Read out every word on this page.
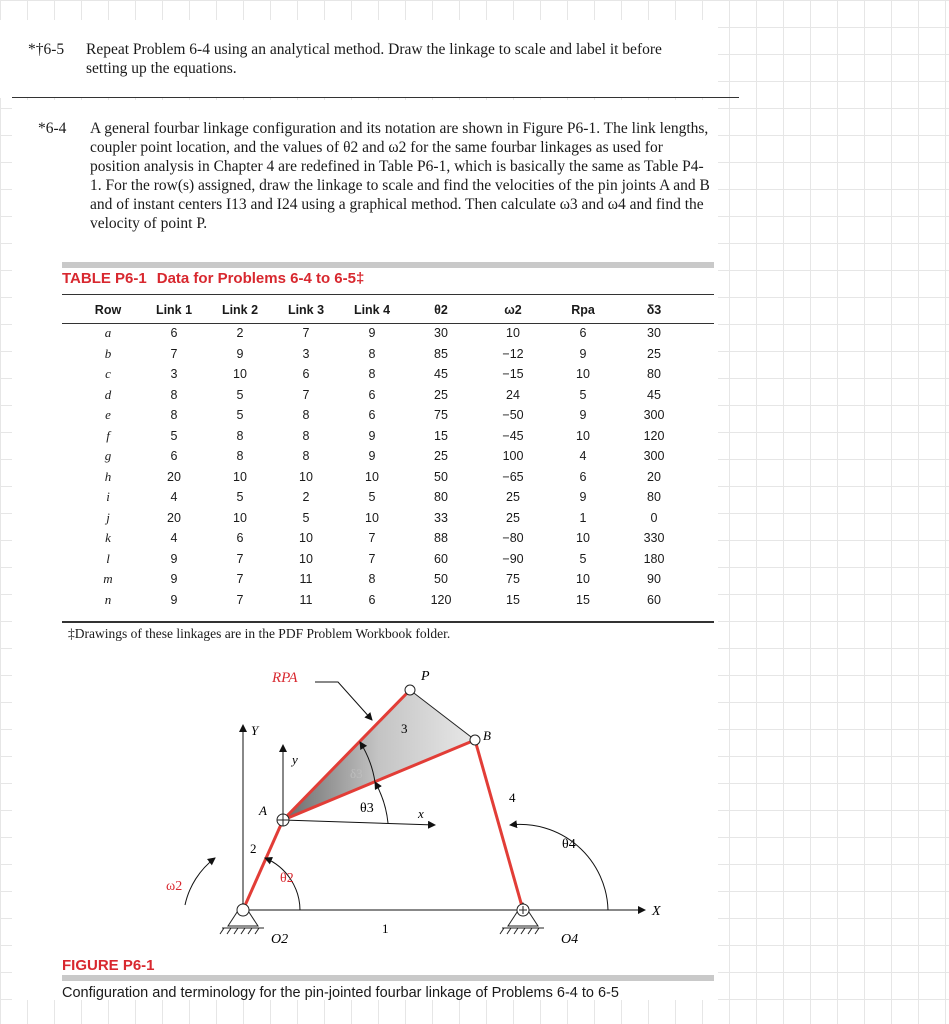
*†6-5 Repeat Problem 6-4 using an analytical method. Draw the linkage to scale and label it before setting up the equations.
*6-4 A general fourbar linkage configuration and its notation are shown in Figure P6-1. The link lengths, coupler point location, and the values of θ2 and ω2 for the same fourbar linkages as used for position analysis in Chapter 4 are redefined in Table P6-1, which is basically the same as Table P4-1. For the row(s) assigned, draw the linkage to scale and find the velocities of the pin joints A and B and of instant centers I13 and I24 using a graphical method. Then calculate ω3 and ω4 and find the velocity of point P.
TABLE P6-1 Data for Problems 6-4 to 6-5‡
Row	Link 1	Link 2	Link 3	Link 4	θ2	ω2	Rpa	δ3
a	6	2	7	9	30	10	6	30
b	7	9	3	8	85	−12	9	25
c	3	10	6	8	45	−15	10	80
d	8	5	7	6	25	24	5	45
e	8	5	8	6	75	−50	9	300
f	5	8	8	9	15	−45	10	120
g	6	8	8	9	25	100	4	300
h	20	10	10	10	50	−65	6	20
i	4	5	2	5	80	25	9	80
j	20	10	5	10	33	25	1	0
k	4	6	10	7	88	−80	10	330
l	9	7	10	7	60	−90	5	180
m	9	7	11	8	50	75	10	90
n	9	7	11	6	120	15	15	60
‡Drawings of these linkages are in the PDF Problem Workbook folder.
RPA	P
3	B
Y
y
δ3
A	θ3	x
4
θ4
2
θ2
ω2
1
X
O2	O4
FIGURE P6-1
Configuration and terminology for the pin-jointed fourbar linkage of Problems 6-4 to 6-5
